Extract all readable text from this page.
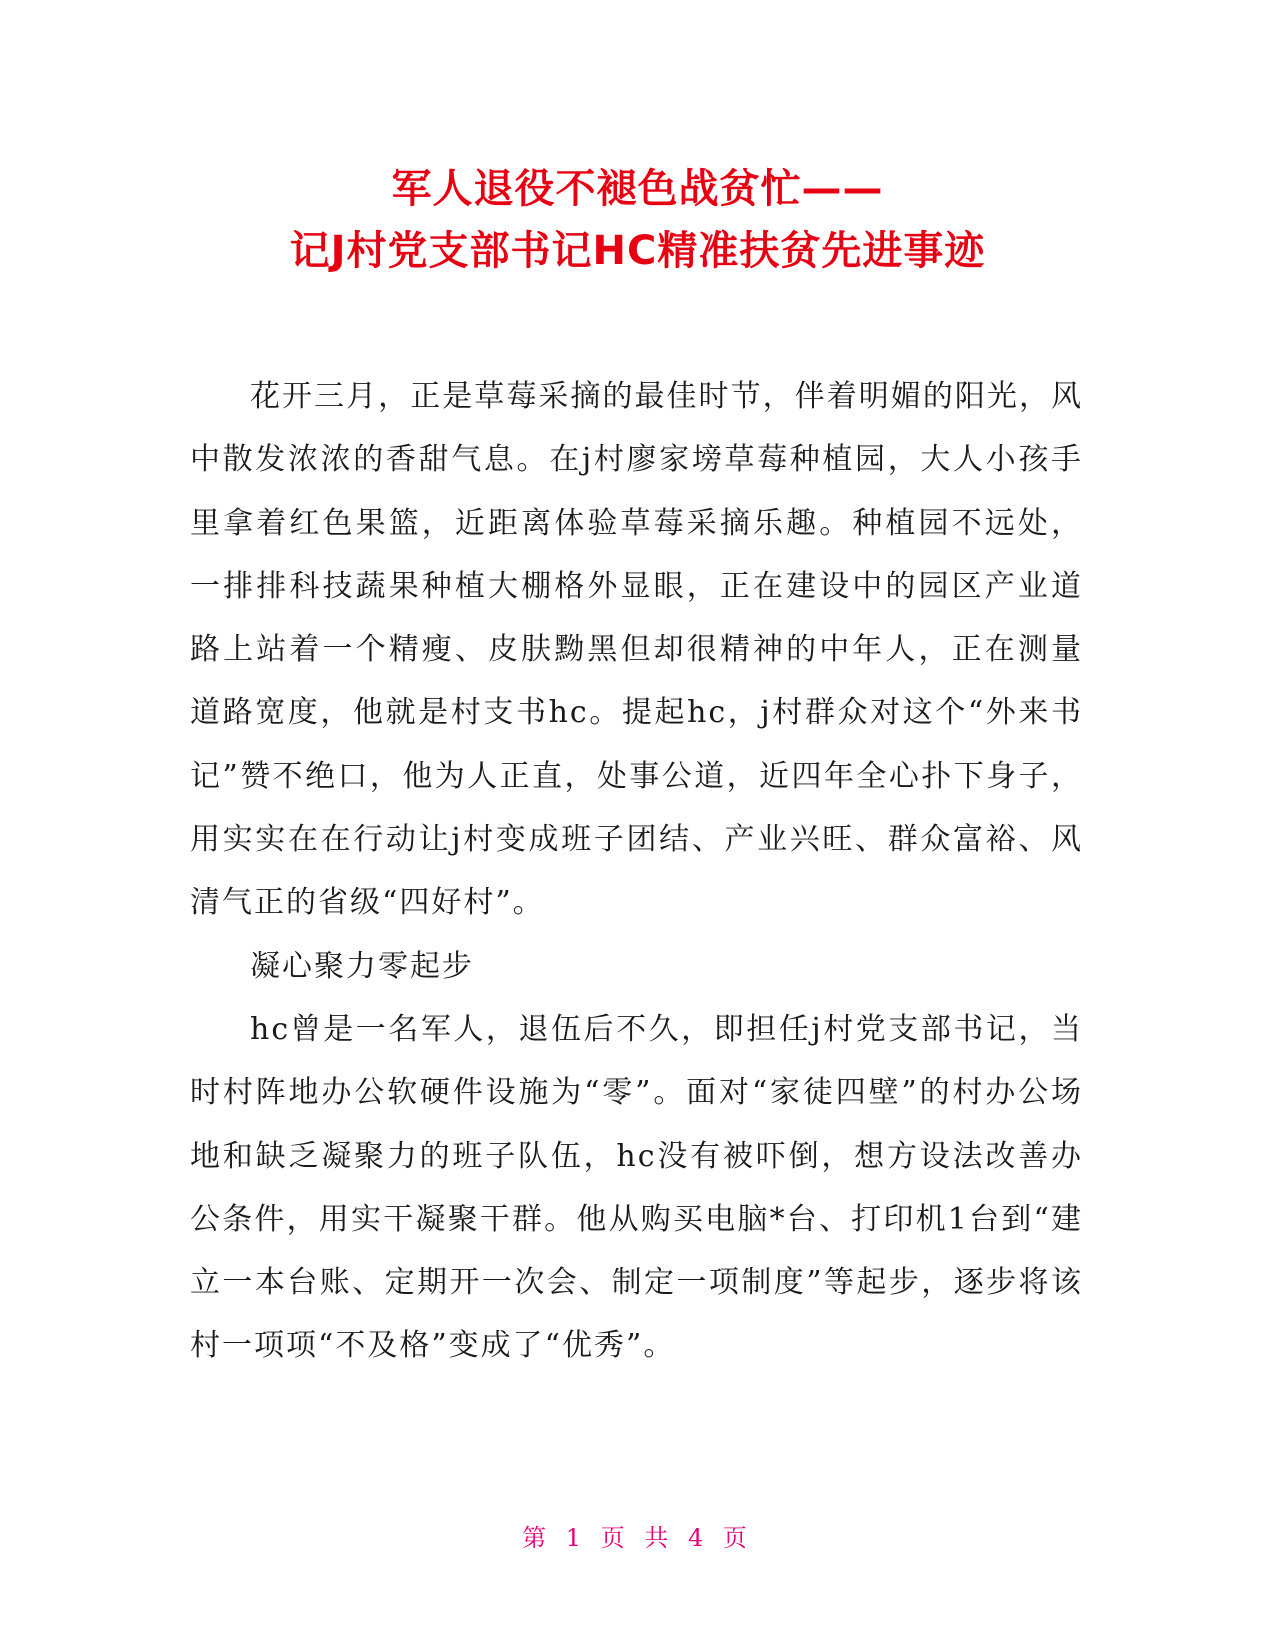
军人退役不褪色战贫忙——
记J村党支部书记HC精准扶贫先进事迹

花开三月，正是草莓采摘的最佳时节，伴着明媚的阳光，风中散发浓浓的香甜气息。在j村廖家塝草莓种植园，大人小孩手里拿着红色果篮，近距离体验草莓采摘乐趣。种植园不远处，一排排科技蔬果种植大棚格外显眼，正在建设中的园区产业道路上站着一个精瘦、皮肤黝黑但却很精神的中年人，正在测量道路宽度，他就是村支书hc。提起hc，j村群众对这个“外来书记”赞不绝口，他为人正直，处事公道，近四年全心扑下身子，用实实在在行动让j村变成班子团结、产业兴旺、群众富裕、风清气正的省级“四好村”。

凝心聚力零起步

hc曾是一名军人，退伍后不久，即担任j村党支部书记，当时村阵地办公软硬件设施为“零”。面对“家徒四壁”的村办公场地和缺乏凝聚力的班子队伍，hc没有被吓倒，想方设法改善办公条件，用实干凝聚干群。他从购买电脑*台、打印机1台到“建立一本台账、定期开一次会、制定一项制度”等起步，逐步将该村一项项“不及格”变成了“优秀”。

第 1 页 共 4 页
